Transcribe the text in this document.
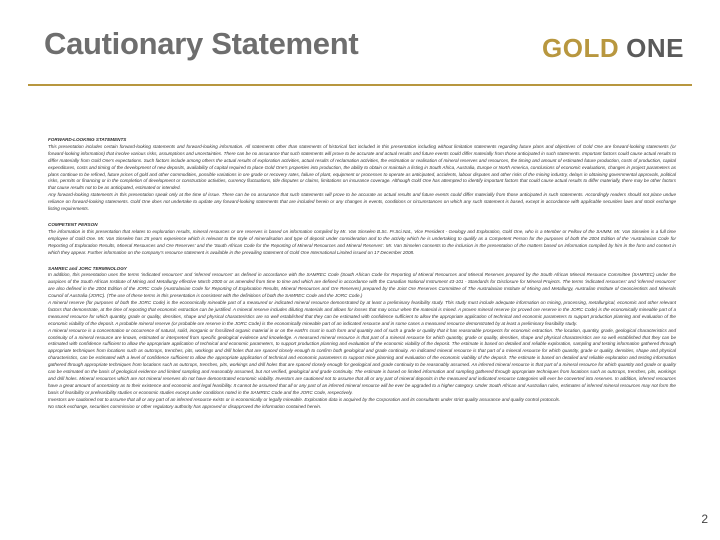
Cautionary Statement	GOLD ONE
FORWARD-LOOKING STATEMENTS
This presentation includes certain forward-looking statements and forward-looking information. All statements other than statements of historical fact included in this presentation including without limitation statements regarding future plans and objectives of Gold One are forward-looking statements (or forward-looking information) that involve various risks, assumptions and uncertainties. There can be no assurance that such statements will prove to be accurate and actual results and future events could differ materially from those anticipated in such statements. Important factors could cause actual results to differ materially from Gold One's expectations. Such factors include among others the actual results of exploration activities, actual results of reclamation activities, the estimation or realisation of mineral reserves and resources, the timing and amount of estimated future production, costs of production, capital expenditures, costs and timing of the development of new deposits, availability of capital required to place Gold One's properties into production, the ability to obtain or maintain a listing in South Africa, Australia, Europe or North America, conclusions of economic evaluations, changes in project parameters as plans continue to be refined, future prices of gold and other commodities, possible variations in ore grade or recovery rates, failure of plant, equipment or processes to operate as anticipated, accidents, labour disputes and other risks of the mining industry, delays in obtaining governmental approvals, political risks, permits or financing or in the completion of development or construction activities, currency fluctuations, title disputes or claims, limitations on insurance coverage. Although Gold One has attempted to identify important factors that could cause actual results to differ materially, there may be other factors that cause results not to be as anticipated, estimated or intended.
Any forward-looking statements in this presentation speak only at the time of issue. There can be no assurance that such statements will prove to be accurate as actual results and future events could differ materially from those anticipated in such statements. Accordingly readers should not place undue reliance on forward-looking statements. Gold One does not undertake to update any forward-looking statements that are included herein or any changes in events, conditions or circumstances on which any such statement is based, except in accordance with applicable securities laws and stock exchange listing requirements.
COMPETENT PERSON
The information in this presentation that relates to exploration results, mineral resources or ore reserves is based on information compiled by Mr. Van Sinselen B.Sc. Pr.Sci.Nat., Vice President - Geology and Exploration, Gold One, who is a Member or Fellow of the SAIMM. Mr. Van Sinselen is a full time employee of Gold One. Mr. Van Sinselen has 25 years experience which is relevant to the style of mineralisation and type of deposit under consideration and to the activity which he is undertaking to qualify as a Competent Person for the purposes of both the 2004 Edition of the 'Australasian Code for Reporting of Exploration Results, Mineral Resources and Ore Reserves' and the 'South African Code for the Reporting of Mineral Resources and Mineral Reserves'. Mr. Van Sinselen consents to the inclusion in the presentation of the matters based on information compiled by him in the form and context in which they appear. Further information on the company's resource statement is available in the prevailing statement of Gold One International Limited issued on 17 December 2008.
SAMREC and JORC TERMINOLOGY
In addition, this presentation uses the terms 'indicated resources' and 'inferred resources' as defined in accordance with the SAMREC Code (South African Code for Reporting of Mineral Resources and Mineral Reserves prepared by the South African Mineral Resource Committee (SAMREC) under the auspices of the South African Institute of Mining and Metallurgy effective March 2000 or as amended from time to time and which are defined in accordance with the Canadian National Instrument 43-101 - Standards for Disclosure for Mineral Projects. The terms 'indicated resources' and 'inferred resources' are also defined in the 2004 Edition of the JORC Code (Australasian Code for Reporting of Exploration Results, Mineral Resources and Ore Reserves) prepared by the Joint Ore Reserves Committee of The Australasian Institute of Mining and Metallurgy, Australian Institute of Geoscientists and Minerals Council of Australia (JORC). (The use of these terms in this presentation is consistent with the definitions of both the SAMREC Code and the JORC Code.)
A mineral reserve (for purposes of both the JORC Code) is the economically mineable part of a measured or indicated mineral resource demonstrated by at least a preliminary feasibility study. This study must include adequate information on mining, processing, metallurgical, economic and other relevant factors that demonstrate, at the time of reporting that economic extraction can be justified. A mineral reserve includes diluting materials and allows for losses that may occur when the material is mined. A proven mineral reserve (or proved ore reserve in the JORC Code) is the economically mineable part of a measured resource for which quantity, grade or quality, densities, shape and physical characteristics are so well established that they can be estimated with confidence sufficient to allow the appropriate application of technical and economic parameters to support production planning and evaluation of the economic viability of the deposit. A probable mineral reserve (or probable ore reserve in the JORC Code) is the economically mineable part of an indicated resource and in some cases a measured resource demonstrated by at least a preliminary feasibility study.
A mineral resource is a concentration or occurrence of natural, solid, inorganic or fossilized organic material in or on the earth's crust in such form and quantity and of such a grade or quality that it has reasonable prospects for economic extraction. The location, quantity, grade, geological characteristics and continuity of a mineral resource are known, estimated or interpreted from specific geological evidence and knowledge. A measured mineral resource is that part of a mineral resource for which quantity, grade or quality, densities, shape and physical characteristics are so well established that they can be estimated with confidence sufficient to allow the appropriate application of technical and economic parameters, to support production planning and evaluation of the economic viability of the deposit. The estimate is based on detailed and reliable exploration, sampling and testing information gathered through appropriate techniques from locations such as outcrops, trenches, pits, workings and drill holes that are spaced closely enough to confirm both geological and grade continuity. An indicated mineral resource is that part of a mineral resource for which quantity, grade or quality, densities, shape and physical characteristics, can be estimated with a level of confidence sufficient to allow the appropriate application of technical and economic parameters to support mine planning and evaluation of the economic viability of the deposit. The estimate is based on detailed and reliable exploration and testing information gathered through appropriate techniques from locations such as outcrops, trenches, pits, workings and drill holes that are spaced closely enough for geological and grade continuity to be reasonably assumed. An inferred mineral resource is that part of a mineral resource for which quantity and grade or quality can be estimated on the basis of geological evidence and limited sampling and reasonably assumed, but not verified, geological and grade continuity. The estimate is based on limited information and sampling gathered through appropriate techniques from locations such as outcrops, trenches, pits, workings and drill holes. Mineral resources which are not mineral reserves do not have demonstrated economic viability. Investors are cautioned not to assume that all or any part of mineral deposits in the measured and indicated resource categories will ever be converted into reserves. In addition, inferred resources have a great amount of uncertainty as to their existence and economic and legal feasibility. It cannot be assumed that all or any part of an inferred mineral resource will be ever be upgraded to a higher category. Under South African and Australian rules, estimates of inferred mineral resources may not form the basis of feasibility or prefeasibility studies or economic studies except under conditions noted in the SAMREC Code and the JORC Code, respectively.
Investors are cautioned not to assume that all or any part of an inferred resource exists or is economically or legally mineable. Exploration data is acquired by the Corporation and its consultants under strict quality assurance and quality control protocols.
No stock exchange, securities commission or other regulatory authority has approved or disapproved the information contained herein.
2
